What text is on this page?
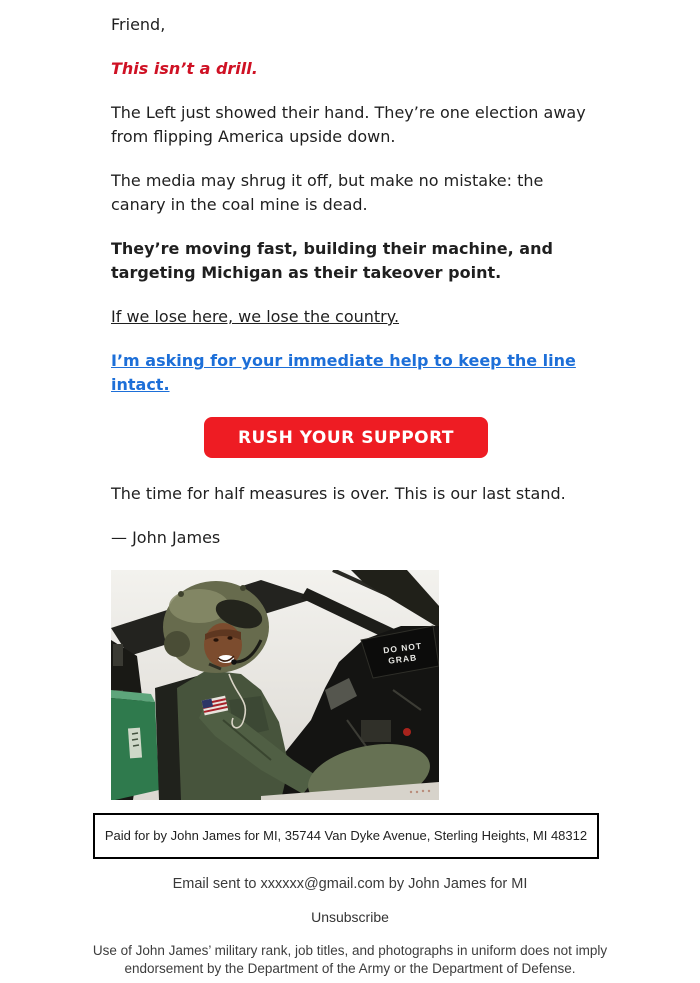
Friend,

This isn’t a drill.

The Left just showed their hand. They’re one election away from flipping America upside down.

The media may shrug it off, but make no mistake: the canary in the coal mine is dead.

They’re moving fast, building their machine, and targeting Michigan as their takeover point.

If we lose here, we lose the country.

I’m asking for your immediate help to keep the line intact.

RUSH YOUR SUPPORT

The time for half measures is over. This is our last stand.

— John James

DO NOT
GRAB
Paid for by John James for MI, 35744 Van Dyke Avenue, Sterling Heights, MI 48312
Email sent to xxxxxx@gmail.com by John James for MI
Unsubscribe
Use of John James’ military rank, job titles, and photographs in uniform does not imply endorsement by the Department of the Army or the Department of Defense.
